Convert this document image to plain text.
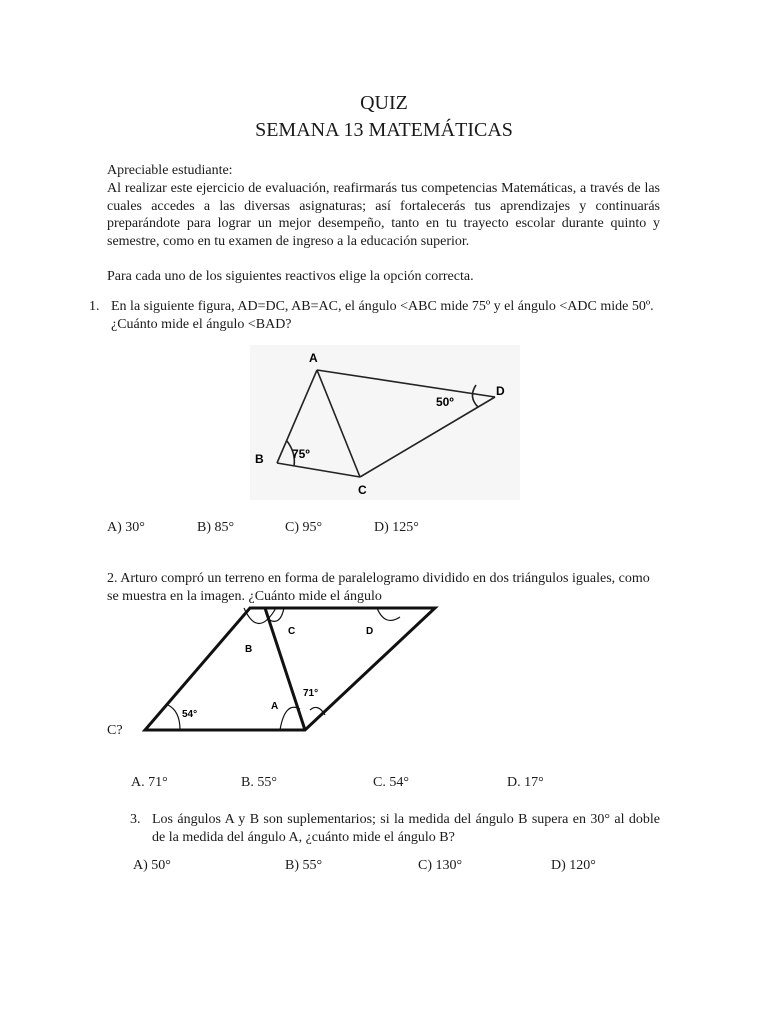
QUIZ
SEMANA 13 MATEMÁTICAS
Apreciable estudiante:
Al realizar este ejercicio de evaluación, reafirmarás tus competencias Matemáticas, a través de las cuales accedes a las diversas asignaturas; así fortalecerás tus aprendizajes y continuarás preparándote para lograr un mejor desempeño, tanto en tu trayecto escolar durante quinto y semestre, como en tu examen de ingreso a la educación superior.
Para cada uno de los siguientes reactivos elige la opción correcta.
1. En la siguiente figura, AD=DC, AB=AC, el ángulo <ABC mide 75º y el ángulo <ADC mide 50º. ¿Cuánto mide el ángulo <BAD?
A
B
C
D
75º
50º
A) 30°	B) 85°	C) 95°	D) 125°
2. Arturo compró un terreno en forma de paralelogramo dividido en dos triángulos iguales, como se muestra en la imagen. ¿Cuánto mide el ángulo
54°
B
C	D
A
71°
C?
A. 71°	B. 55°	C. 54°	D. 17°
3. Los ángulos A y B son suplementarios; si la medida del ángulo B supera en 30° al doble de la medida del ángulo A, ¿cuánto mide el ángulo B?
A) 50°	B) 55°	C) 130°	D) 120°
